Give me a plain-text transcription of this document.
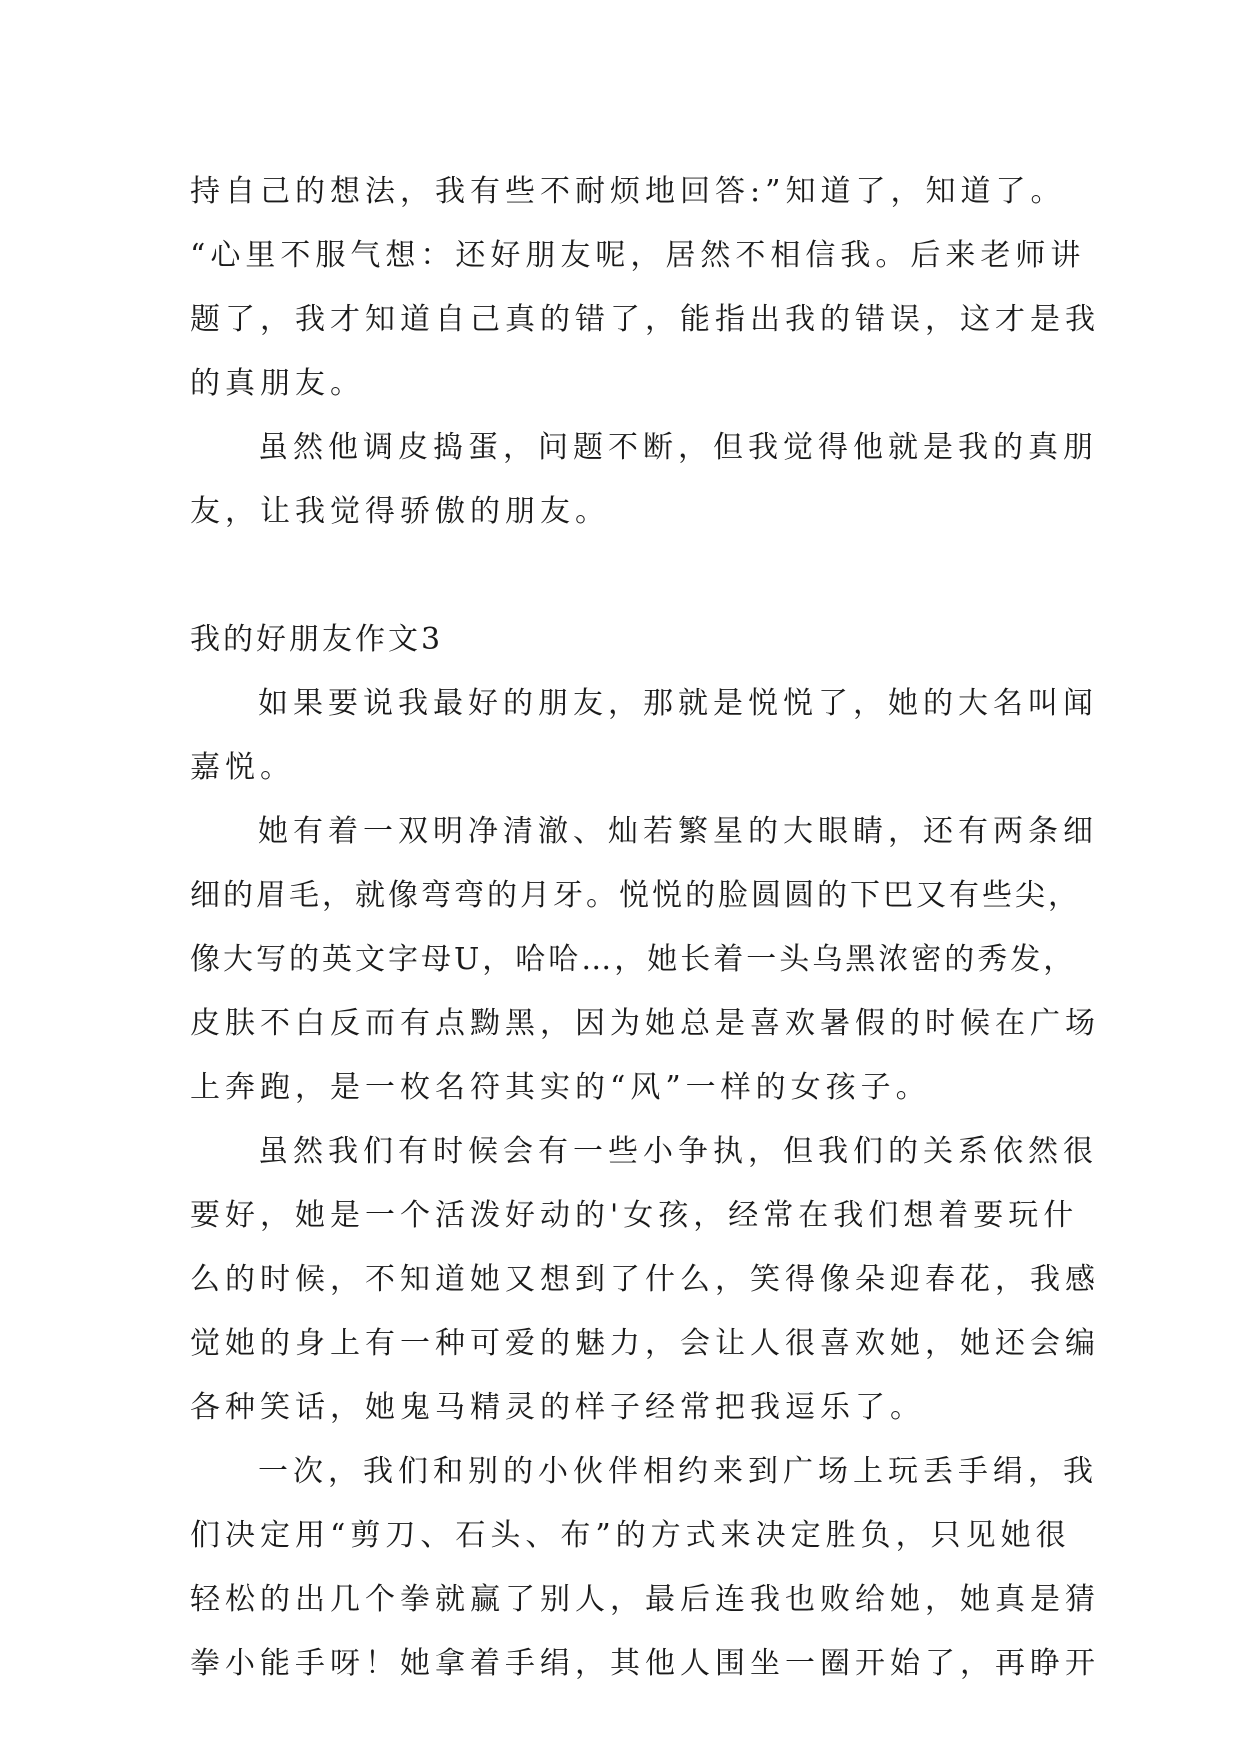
持自己的想法，我有些不耐烦地回答:”知道了，知道了。
“心里不服气想：还好朋友呢，居然不相信我。后来老师讲
题了，我才知道自己真的错了，能指出我的错误，这才是我
的真朋友。
虽然他调皮捣蛋，问题不断，但我觉得他就是我的真朋
友，让我觉得骄傲的朋友。
我的好朋友作文3
如果要说我最好的朋友，那就是悦悦了，她的大名叫闻
嘉悦。
她有着一双明净清澈、灿若繁星的大眼睛，还有两条细
细的眉毛，就像弯弯的月牙。悦悦的脸圆圆的下巴又有些尖，
像大写的英文字母U，哈哈…，她长着一头乌黑浓密的秀发，
皮肤不白反而有点黝黑，因为她总是喜欢暑假的时候在广场
上奔跑，是一枚名符其实的“风”一样的女孩子。
虽然我们有时候会有一些小争执，但我们的关系依然很
要好，她是一个活泼好动的'女孩，经常在我们想着要玩什
么的时候，不知道她又想到了什么，笑得像朵迎春花，我感
觉她的身上有一种可爱的魅力，会让人很喜欢她，她还会编
各种笑话，她鬼马精灵的样子经常把我逗乐了。
一次，我们和别的小伙伴相约来到广场上玩丢手绢，我
们决定用“剪刀、石头、布”的方式来决定胜负，只见她很
轻松的出几个拳就赢了别人，最后连我也败给她，她真是猜
拳小能手呀！她拿着手绢，其他人围坐一圈开始了，再睁开
